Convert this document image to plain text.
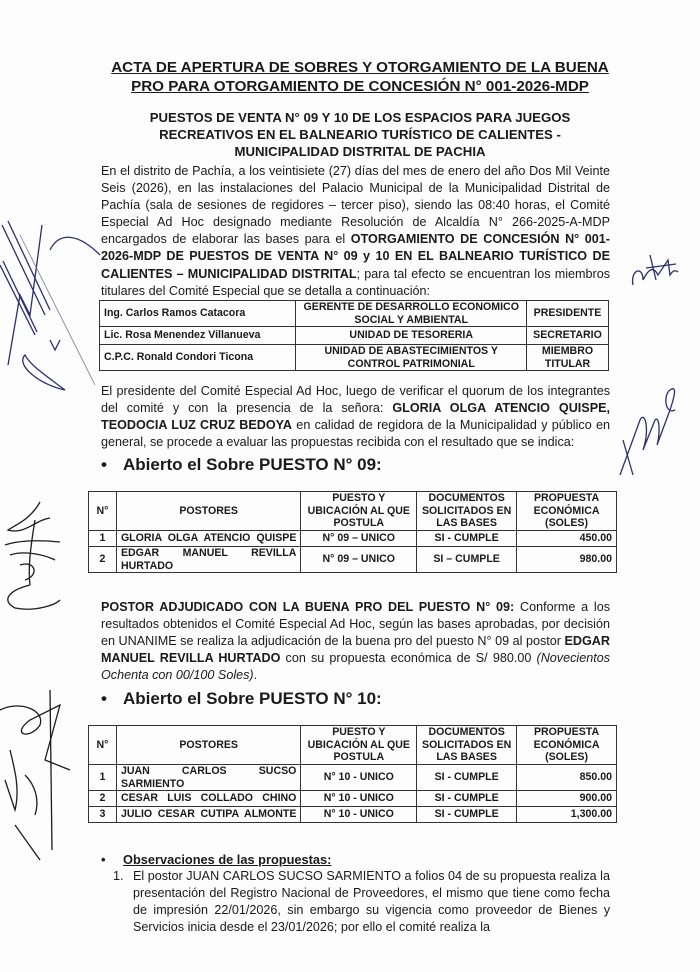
ACTA DE APERTURA DE SOBRES Y OTORGAMIENTO DE LA BUENA
PRO PARA OTORGAMIENTO DE CONCESIÓN N° 001-2026-MDP
PUESTOS DE VENTA N° 09 Y 10 DE LOS ESPACIOS PARA JUEGOS
RECREATIVOS EN EL BALNEARIO TURÍSTICO DE CALIENTES -
MUNICIPALIDAD DISTRITAL DE PACHIA
En el distrito de Pachía, a los veintisiete (27) días del mes de enero del año Dos Mil Veinte Seis (2026), en las instalaciones del Palacio Municipal de la Municipalidad Distrital de Pachía (sala de sesiones de regidores – tercer piso), siendo las 08:40 horas, el Comité Especial Ad Hoc designado mediante Resolución de Alcaldía N° 266-2025-A-MDP encargados de elaborar las bases para el OTORGAMIENTO DE CONCESIÓN N° 001-2026-MDP DE PUESTOS DE VENTA N° 09 y 10 EN EL BALNEARIO TURÍSTICO DE CALIENTES – MUNICIPALIDAD DISTRITAL; para tal efecto se encuentran los miembros titulares del Comité Especial que se detalla a continuación:
Ing. Carlos Ramos Catacora	GERENTE DE DESARROLLO ECONOMICO SOCIAL Y AMBIENTAL	PRESIDENTE
Lic. Rosa Menendez Villanueva	UNIDAD DE TESORERIA	SECRETARIO
C.P.C. Ronald Condori Ticona	UNIDAD DE ABASTECIMIENTOS Y CONTROL PATRIMONIAL	MIEMBRO TITULAR
El presidente del Comité Especial Ad Hoc, luego de verificar el quorum de los integrantes del comité y con la presencia de la señora: GLORIA OLGA ATENCIO QUISPE, TEODOCIA LUZ CRUZ BEDOYA en calidad de regidora de la Municipalidad y público en general, se procede a evaluar las propuestas recibida con el resultado que se indica:
• Abierto el Sobre PUESTO N° 09:
N°	POSTORES	PUESTO Y UBICACIÓN AL QUE POSTULA	DOCUMENTOS SOLICITADOS EN LAS BASES	PROPUESTA ECONÓMICA (SOLES)
1	GLORIA OLGA ATENCIO QUISPE	N° 09 – UNICO	SI - CUMPLE	450.00
2	EDGAR MANUEL REVILLA HURTADO	N° 09 – UNICO	SI – CUMPLE	980.00
POSTOR ADJUDICADO CON LA BUENA PRO DEL PUESTO N° 09: Conforme a los resultados obtenidos el Comité Especial Ad Hoc, según las bases aprobadas, por decisión en UNANIME se realiza la adjudicación de la buena pro del puesto N° 09 al postor EDGAR MANUEL REVILLA HURTADO con su propuesta económica de S/ 980.00 (Novecientos Ochenta con 00/100 Soles).
• Abierto el Sobre PUESTO N° 10:
N°	POSTORES	PUESTO Y UBICACIÓN AL QUE POSTULA	DOCUMENTOS SOLICITADOS EN LAS BASES	PROPUESTA ECONÓMICA (SOLES)
1	JUAN CARLOS SUCSO SARMIENTO	N° 10 - UNICO	SI - CUMPLE	850.00
2	CESAR LUIS COLLADO CHINO	N° 10 - UNICO	SI - CUMPLE	900.00
3	JULIO CESAR CUTIPA ALMONTE	N° 10 - UNICO	SI - CUMPLE	1,300.00
• Observaciones de las propuestas:
1. El postor JUAN CARLOS SUCSO SARMIENTO a folios 04 de su propuesta realiza la presentación del Registro Nacional de Proveedores, el mismo que tiene como fecha de impresión 22/01/2026, sin embargo su vigencia como proveedor de Bienes y Servicios inicia desde el 23/01/2026; por ello el comité realiza la
